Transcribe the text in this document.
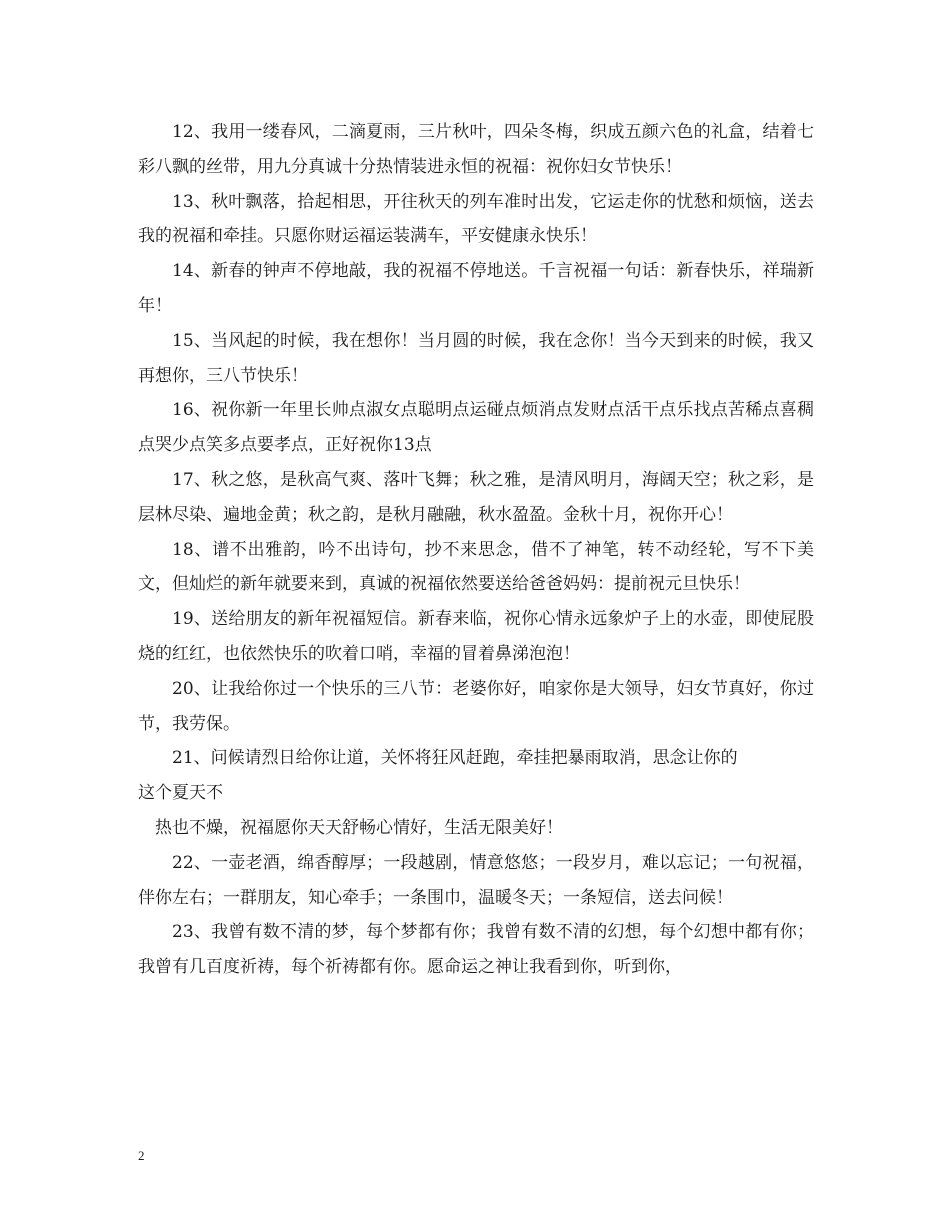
12、我用一缕春风，二滴夏雨，三片秋叶，四朵冬梅，织成五颜六色的礼盒，结着七彩八飘的丝带，用九分真诚十分热情装进永恒的祝福：祝你妇女节快乐！

13、秋叶飘落，拾起相思，开往秋天的列车准时出发，它运走你的忧愁和烦恼，送去我的祝福和牵挂。只愿你财运福运装满车，平安健康永快乐！

14、新春的钟声不停地敲，我的祝福不停地送。千言祝福一句话：新春快乐，祥瑞新年！

15、当风起的时候，我在想你！当月圆的时候，我在念你！当今天到来的时候，我又再想你，三八节快乐！

16、祝你新一年里长帅点淑女点聪明点运碰点烦消点发财点活干点乐找点苦稀点喜稠点哭少点笑多点要孝点，正好祝你13点

17、秋之悠，是秋高气爽、落叶飞舞；秋之雅，是清风明月，海阔天空；秋之彩，是层林尽染、遍地金黄；秋之韵，是秋月融融，秋水盈盈。金秋十月，祝你开心！

18、谱不出雅韵，吟不出诗句，抄不来思念，借不了神笔，转不动经轮，写不下美文，但灿烂的新年就要来到，真诚的祝福依然要送给爸爸妈妈：提前祝元旦快乐！

19、送给朋友的新年祝福短信。新春来临，祝你心情永远象炉子上的水壶，即使屁股烧的红红，也依然快乐的吹着口哨，幸福的冒着鼻涕泡泡！

20、让我给你过一个快乐的三八节：老婆你好，咱家你是大领导，妇女节真好，你过节，我劳保。

21、问候请烈日给你让道，关怀将狂风赶跑，牵挂把暴雨取消，思念让你的

这个夏天不

热也不燥，祝福愿你天天舒畅心情好，生活无限美好！

22、一壶老酒，绵香醇厚；一段越剧，情意悠悠；一段岁月，难以忘记；一句祝福，伴你左右；一群朋友，知心牵手；一条围巾，温暖冬天；一条短信，送去问候！

23、我曾有数不清的梦，每个梦都有你；我曾有数不清的幻想，每个幻想中都有你；我曾有几百度祈祷，每个祈祷都有你。愿命运之神让我看到你，听到你，

2
